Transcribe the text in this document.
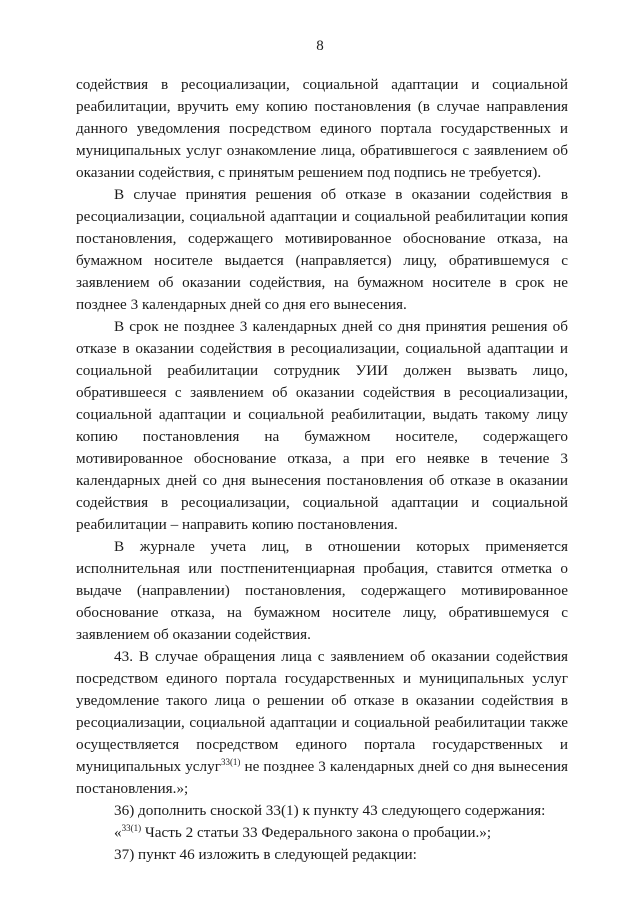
8

содействия в ресоциализации, социальной адаптации и социальной реабилитации, вручить ему копию постановления (в случае направления данного уведомления посредством единого портала государственных и муниципальных услуг ознакомление лица, обратившегося с заявлением об оказании содействия, с принятым решением под подпись не требуется).

В случае принятия решения об отказе в оказании содействия в ресоциализации, социальной адаптации и социальной реабилитации копия постановления, содержащего мотивированное обоснование отказа, на бумажном носителе выдается (направляется) лицу, обратившемуся с заявлением об оказании содействия, на бумажном носителе в срок не позднее 3 календарных дней со дня его вынесения.

В срок не позднее 3 календарных дней со дня принятия решения об отказе в оказании содействия в ресоциализации, социальной адаптации и социальной реабилитации сотрудник УИИ должен вызвать лицо, обратившееся с заявлением об оказании содействия в ресоциализации, социальной адаптации и социальной реабилитации, выдать такому лицу копию постановления на бумажном носителе, содержащего мотивированное обоснование отказа, а при его неявке в течение 3 календарных дней со дня вынесения постановления об отказе в оказании содействия в ресоциализации, социальной адаптации и социальной реабилитации – направить копию постановления.

В журнале учета лиц, в отношении которых применяется исполнительная или постпенитенциарная пробация, ставится отметка о выдаче (направлении) постановления, содержащего мотивированное обоснование отказа, на бумажном носителе лицу, обратившемуся с заявлением об оказании содействия.

43. В случае обращения лица с заявлением об оказании содействия посредством единого портала государственных и муниципальных услуг уведомление такого лица о решении об отказе в оказании содействия в ресоциализации, социальной адаптации и социальной реабилитации также осуществляется посредством единого портала государственных и муниципальных услуг$^{33(1)}$ не позднее 3 календарных дней со дня вынесения постановления.»;

36) дополнить сноской 33(1) к пункту 43 следующего содержания:

«$^{33(1)}$ Часть 2 статьи 33 Федерального закона о пробации.»;

37) пункт 46 изложить в следующей редакции:
